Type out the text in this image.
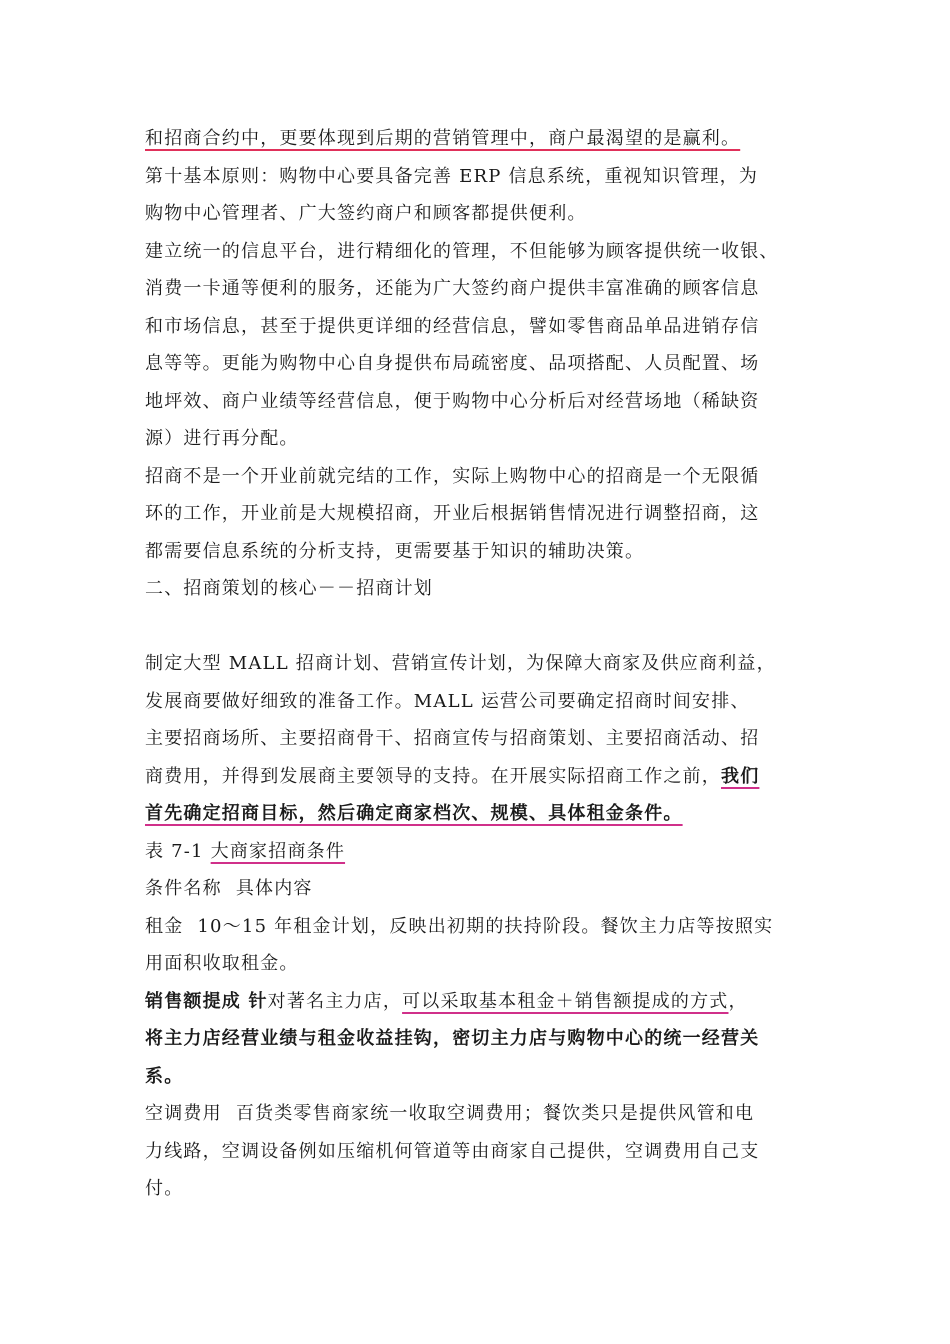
和招商合约中，更要体现到后期的营销管理中，商户最渴望的是赢利。
第十基本原则：购物中心要具备完善 ERP 信息系统，重视知识管理，为
购物中心管理者、广大签约商户和顾客都提供便利。
建立统一的信息平台，进行精细化的管理，不但能够为顾客提供统一收银、
消费一卡通等便利的服务，还能为广大签约商户提供丰富准确的顾客信息
和市场信息，甚至于提供更详细的经营信息，譬如零售商品单品进销存信
息等等。更能为购物中心自身提供布局疏密度、品项搭配、人员配置、场
地坪效、商户业绩等经营信息，便于购物中心分析后对经营场地（稀缺资
源）进行再分配。
招商不是一个开业前就完结的工作，实际上购物中心的招商是一个无限循
环的工作，开业前是大规模招商，开业后根据销售情况进行调整招商，这
都需要信息系统的分析支持，更需要基于知识的辅助决策。
二、招商策划的核心－－招商计划
制定大型 MALL 招商计划、营销宣传计划，为保障大商家及供应商利益，
发展商要做好细致的准备工作。MALL 运营公司要确定招商时间安排、
主要招商场所、主要招商骨干、招商宣传与招商策划、主要招商活动、招
商费用，并得到发展商主要领导的支持。在开展实际招商工作之前，我们
首先确定招商目标，然后确定商家档次、规模、具体租金条件。
表 7-1 大商家招商条件
条件名称 具体内容
租金 10～15 年租金计划，反映出初期的扶持阶段。餐饮主力店等按照实
用面积收取租金。
销售额提成 针对著名主力店，可以采取基本租金＋销售额提成的方式，
将主力店经营业绩与租金收益挂钩，密切主力店与购物中心的统一经营关
系。
空调费用 百货类零售商家统一收取空调费用；餐饮类只是提供风管和电
力线路，空调设备例如压缩机何管道等由商家自己提供，空调费用自己支
付。
